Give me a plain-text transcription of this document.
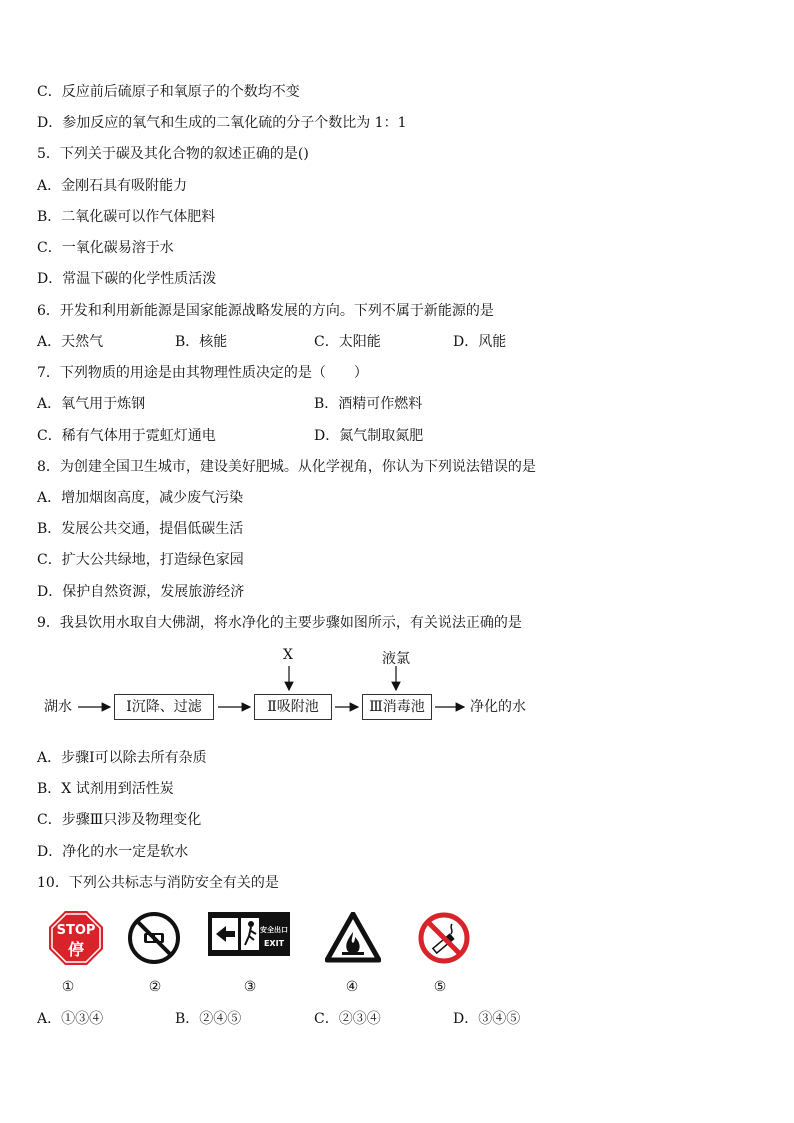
C．反应前后硫原子和氧原子的个数均不变
D．参加反应的氧气和生成的二氧化硫的分子个数比为 1：1
5．下列关于碳及其化合物的叙述正确的是()
A．金刚石具有吸附能力
B．二氧化碳可以作气体肥料
C．一氧化碳易溶于水
D．常温下碳的化学性质活泼
6．开发和利用新能源是国家能源战略发展的方向。下列不属于新能源的是
A．天然气	B．核能	C．太阳能	D．风能
7．下列物质的用途是由其物理性质决定的是（　　）
A．氧气用于炼钢	B．酒精可作燃料
C．稀有气体用于霓虹灯通电	D．氮气制取氮肥
8．为创建全国卫生城市，建设美好肥城。从化学视角，你认为下列说法错误的是
A．增加烟囱高度，减少废气污染
B．发展公共交通，提倡低碳生活
C．扩大公共绿地，打造绿色家园
D．保护自然资源，发展旅游经济
9．我县饮用水取自大佛湖，将水净化的主要步骤如图所示，有关说法正确的是
湖水	Ⅰ沉降、过滤	Ⅱ吸附池	Ⅲ消毒池	净化的水
X	液氯
A．步骤Ⅰ可以除去所有杂质
B．X 试剂用到活性炭
C．步骤Ⅲ只涉及物理变化
D．净化的水一定是软水
10．下列公共标志与消防安全有关的是
STOP
停
安全出口
EXIT
①	②	③	④	⑤
A．①③④	B．②④⑤	C．②③④	D．③④⑤
